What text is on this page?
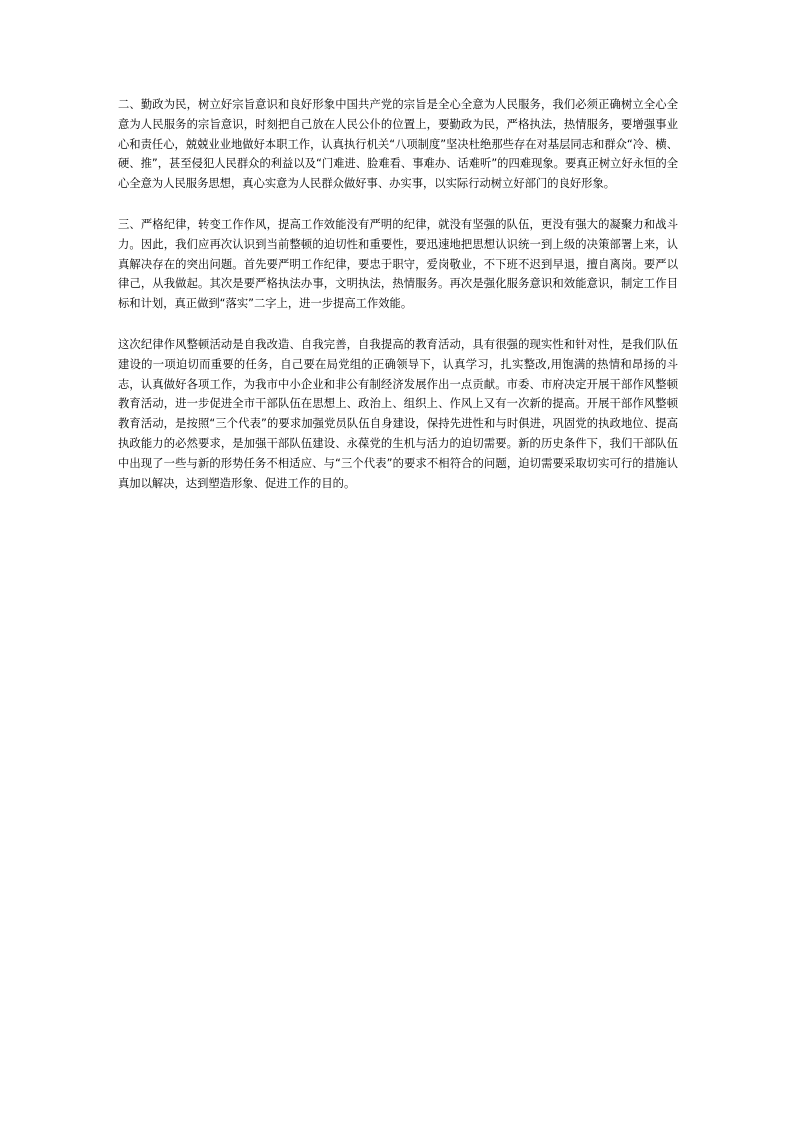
二、勤政为民，树立好宗旨意识和良好形象中国共产党的宗旨是全心全意为人民服务，我们必须正确树立全心全意为人民服务的宗旨意识，时刻把自己放在人民公仆的位置上，要勤政为民，严格执法，热情服务，要增强事业心和责任心，兢兢业业地做好本职工作，认真执行机关“八项制度”坚决杜绝那些存在对基层同志和群众“冷、横、硬、推”，甚至侵犯人民群众的利益以及“门难进、脸难看、事难办、话难听”的四难现象。要真正树立好永恒的全心全意为人民服务思想，真心实意为人民群众做好事、办实事，以实际行动树立好部门的良好形象。

三、严格纪律，转变工作作风，提高工作效能没有严明的纪律，就没有坚强的队伍，更没有强大的凝聚力和战斗力。因此，我们应再次认识到当前整顿的迫切性和重要性，要迅速地把思想认识统一到上级的决策部署上来，认真解决存在的突出问题。首先要严明工作纪律，要忠于职守，爱岗敬业，不下班不迟到早退，擅自离岗。要严以律己，从我做起。其次是要严格执法办事，文明执法，热情服务。再次是强化服务意识和效能意识，制定工作目标和计划，真正做到“落实”二字上，进一步提高工作效能。

这次纪律作风整顿活动是自我改造、自我完善，自我提高的教育活动，具有很强的现实性和针对性，是我们队伍建设的一项迫切而重要的任务，自己要在局党组的正确领导下，认真学习，扎实整改,用饱满的热情和昂扬的斗志，认真做好各项工作，为我市中小企业和非公有制经济发展作出一点贡献。市委、市府决定开展干部作风整顿教育活动，进一步促进全市干部队伍在思想上、政治上、组织上、作风上又有一次新的提高。开展干部作风整顿教育活动，是按照“三个代表”的要求加强党员队伍自身建设，保持先进性和与时俱进，巩固党的执政地位、提高执政能力的必然要求，是加强干部队伍建设、永葆党的生机与活力的迫切需要。新的历史条件下，我们干部队伍中出现了一些与新的形势任务不相适应、与“三个代表”的要求不相符合的问题，迫切需要采取切实可行的措施认真加以解决，达到塑造形象、促进工作的目的。
